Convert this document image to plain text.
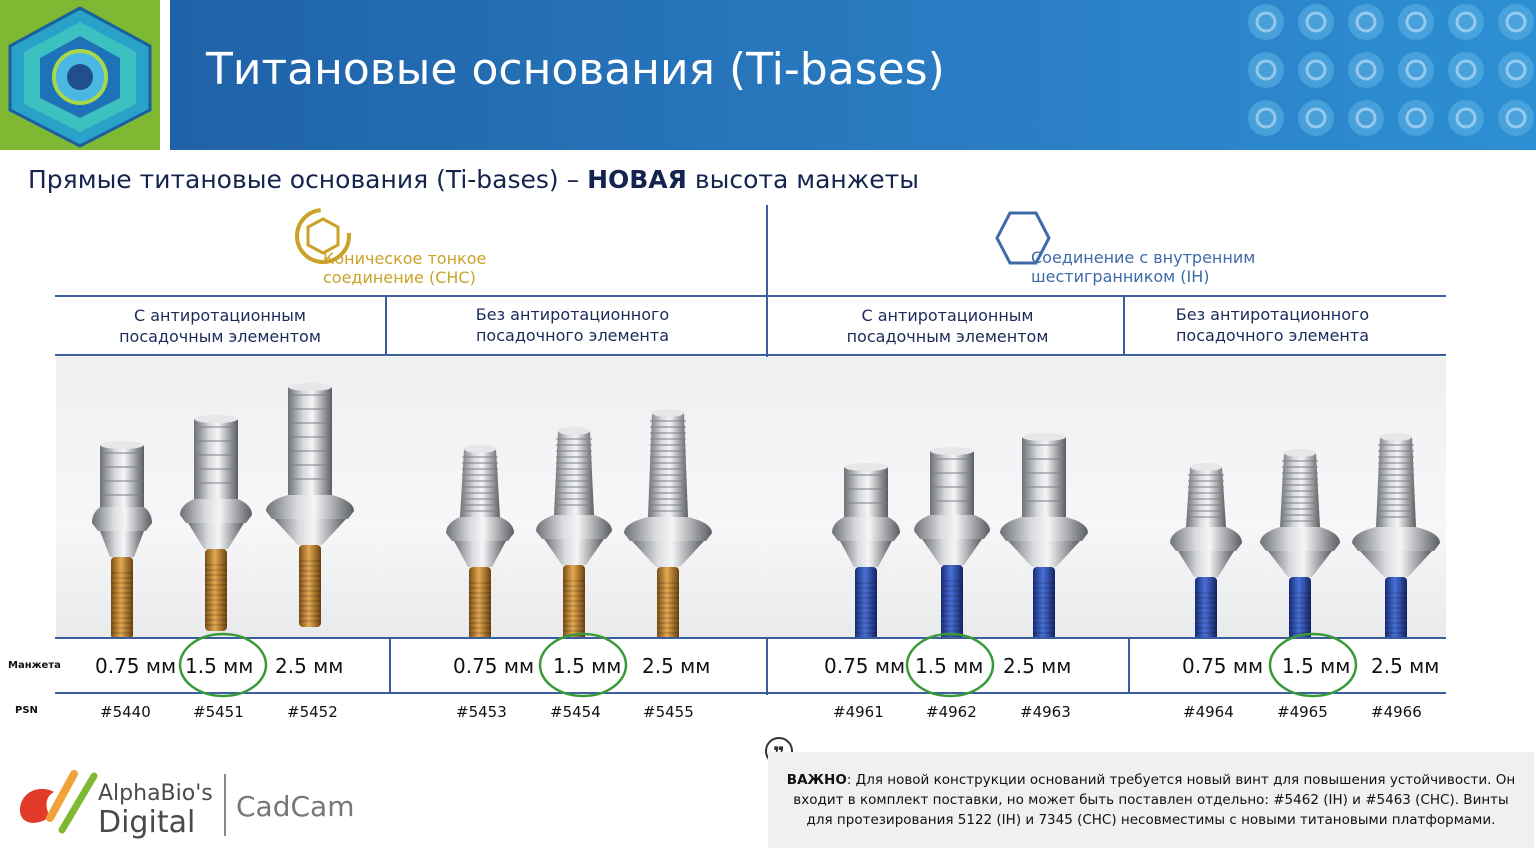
Титановые основания (Ti-bases)
Прямые титановые основания (Ti-bases) – НОВАЯ высота манжеты
Коническое тонкое
соединение (CHC)
Соединение с внутренним
шестигранником (IH)
С антиротационным
посадочным элементом
Без антиротационного
посадочного элемента
С антиротационным
посадочным элементом
Без антиротационного
посадочного элемента
Манжета
PSN
0.75 мм 1.5 мм 2.5 мм	0.75 мм 1.5 мм 2.5 мм	0.75 мм 1.5 мм 2.5 мм	0.75 мм 1.5 мм 2.5 мм
#5440	#5451	#5452	#5453	#5454	#5455	#4961	#4962	#4963	#4964	#4965	#4966
ВАЖНО: Для новой конструкции оснований требуется новый винт для повышения устойчивости. Он входит в комплект поставки, но может быть поставлен отдельно: #5462 (IH) и #5463 (CHC). Винты для протезирования 5122 (IH) и 7345 (CHC) несовместимы с новыми титановыми платформами.
AlphaBio's
Digital CadCam
